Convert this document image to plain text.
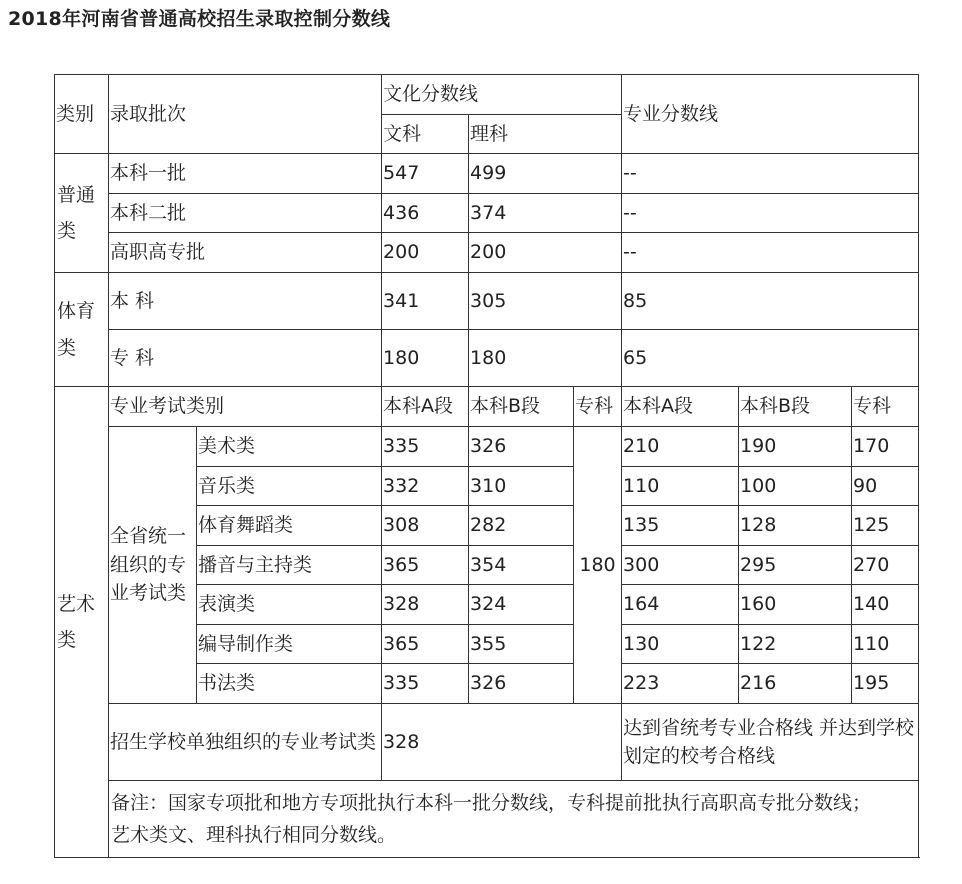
2018年河南省普通高校招生录取控制分数线
类别	录取批次		文化分数线			专业分数线		
			文科	理科				
普通类	本科一批		547	499		--		
	本科二批		436	374		--		
	高职高专批		200	200		--		
体育类	本 科		341	305		85		
	专 科		180	180		65		
艺术类	专业考试类别		本科A段	本科B段	专科	本科A段	本科B段	专科
	全省统一组织的专业考试类	美术类	335	326	180	210	190	170
		音乐类	332	310		110	100	90
		体育舞蹈类	308	282		135	128	125
		播音与主持类	365	354		300	295	270
		表演类	328	324		164	160	140
		编导制作类	365	355		130	122	110
		书法类	335	326		223	216	195
	招生学校单独组织的专业考试类		328			达到省统考专业合格线 并达到学校划定的校考合格线		

	备注：国家专项批和地方专项批执行本科一批分数线，专科提前批执行高职高专批分数线；
艺术类文、理科执行相同分数线。							
